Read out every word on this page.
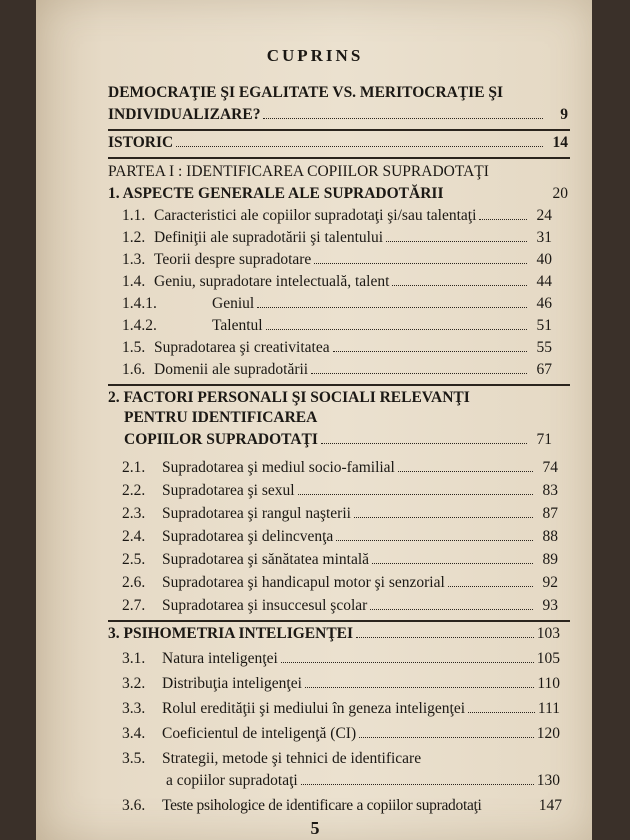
CUPRINS
DEMOCRAŢIE ŞI EGALITATE VS. MERITOCRAŢIE ŞI
INDIVIDUALIZARE?	9
ISTORIC	14
PARTEA I : IDENTIFICAREA COPIILOR SUPRADOTAŢI
1. ASPECTE GENERALE ALE SUPRADOTĂRII	20
1.1. Caracteristici ale copiilor supradotaţi şi/sau talentaţi	24
1.2. Definiţii ale supradotării şi talentului	31
1.3. Teorii despre supradotare	40
1.4. Geniu, supradotare intelectuală, talent	44
1.4.1.	Geniul	46
1.4.2.	Talentul	51
1.5. Supradotarea şi creativitatea	55
1.6. Domenii ale supradotării	67
2. FACTORI PERSONALI ŞI SOCIALI RELEVANŢI
PENTRU IDENTIFICAREA
COPIILOR SUPRADOTAŢI	71
2.1.	Supradotarea şi mediul socio-familial	74
2.2.	Supradotarea şi sexul	83
2.3.	Supradotarea şi rangul naşterii	87
2.4.	Supradotarea şi delincvenţa	88
2.5.	Supradotarea şi sănătatea mintală	89
2.6.	Supradotarea şi handicapul motor şi senzorial	92
2.7.	Supradotarea şi insuccesul şcolar	93
3. PSIHOMETRIA INTELIGENŢEI	103
3.1.	Natura inteligenţei	105
3.2.	Distribuţia inteligenţei	110
3.3.	Rolul eredităţii şi mediului în geneza inteligenţei	111
3.4.	Coeficientul de inteligenţă (CI)	120
3.5. Strategii, metode şi tehnici de identificare
a copiilor supradotaţi	130
3.6.	Teste psihologice de identificare a copiilor supradotaţi	147
5
